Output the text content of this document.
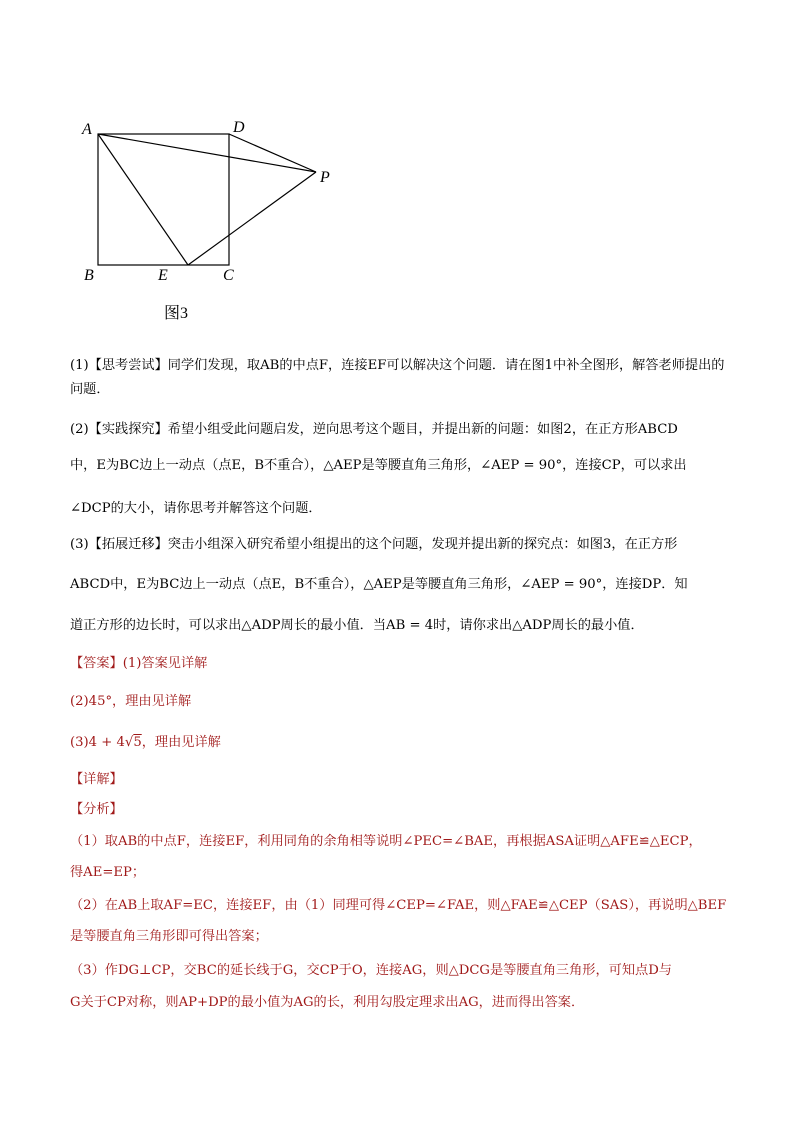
A	D
P
B	E	C
图3

(1)【思考尝试】同学们发现，取AB的中点F，连接EF可以解决这个问题．请在图1中补全图形，解答老师提出的问题．

(2)【实践探究】希望小组受此问题启发，逆向思考这个题目，并提出新的问题：如图2，在正方形ABCD

中，E为BC边上一动点（点E，B不重合），△AEP是等腰直角三角形，∠AEP = 90°，连接CP，可以求出

∠DCP的大小，请你思考并解答这个问题．

(3)【拓展迁移】突击小组深入研究希望小组提出的这个问题，发现并提出新的探究点：如图3，在正方形

ABCD中，E为BC边上一动点（点E，B不重合），△AEP是等腰直角三角形，∠AEP = 90°，连接DP．知

道正方形的边长时，可以求出△ADP周长的最小值．当AB = 4时，请你求出△ADP周长的最小值．

【答案】(1)答案见详解

(2)45°，理由见详解

(3)4 + 4√5，理由见详解

【详解】

【分析】

（1）取AB的中点F，连接EF，利用同角的余角相等说明∠PEC=∠BAE，再根据ASA证明△AFE≌△ECP，

得AE=EP；

（2）在AB上取AF=EC，连接EF，由（1）同理可得∠CEP=∠FAE，则△FAE≌△CEP（SAS），再说明△BEF

是等腰直角三角形即可得出答案；

（3）作DG⊥CP，交BC的延长线于G，交CP于O，连接AG，则△DCG是等腰直角三角形，可知点D与

G关于CP对称，则AP+DP的最小值为AG的长，利用勾股定理求出AG，进而得出答案．
